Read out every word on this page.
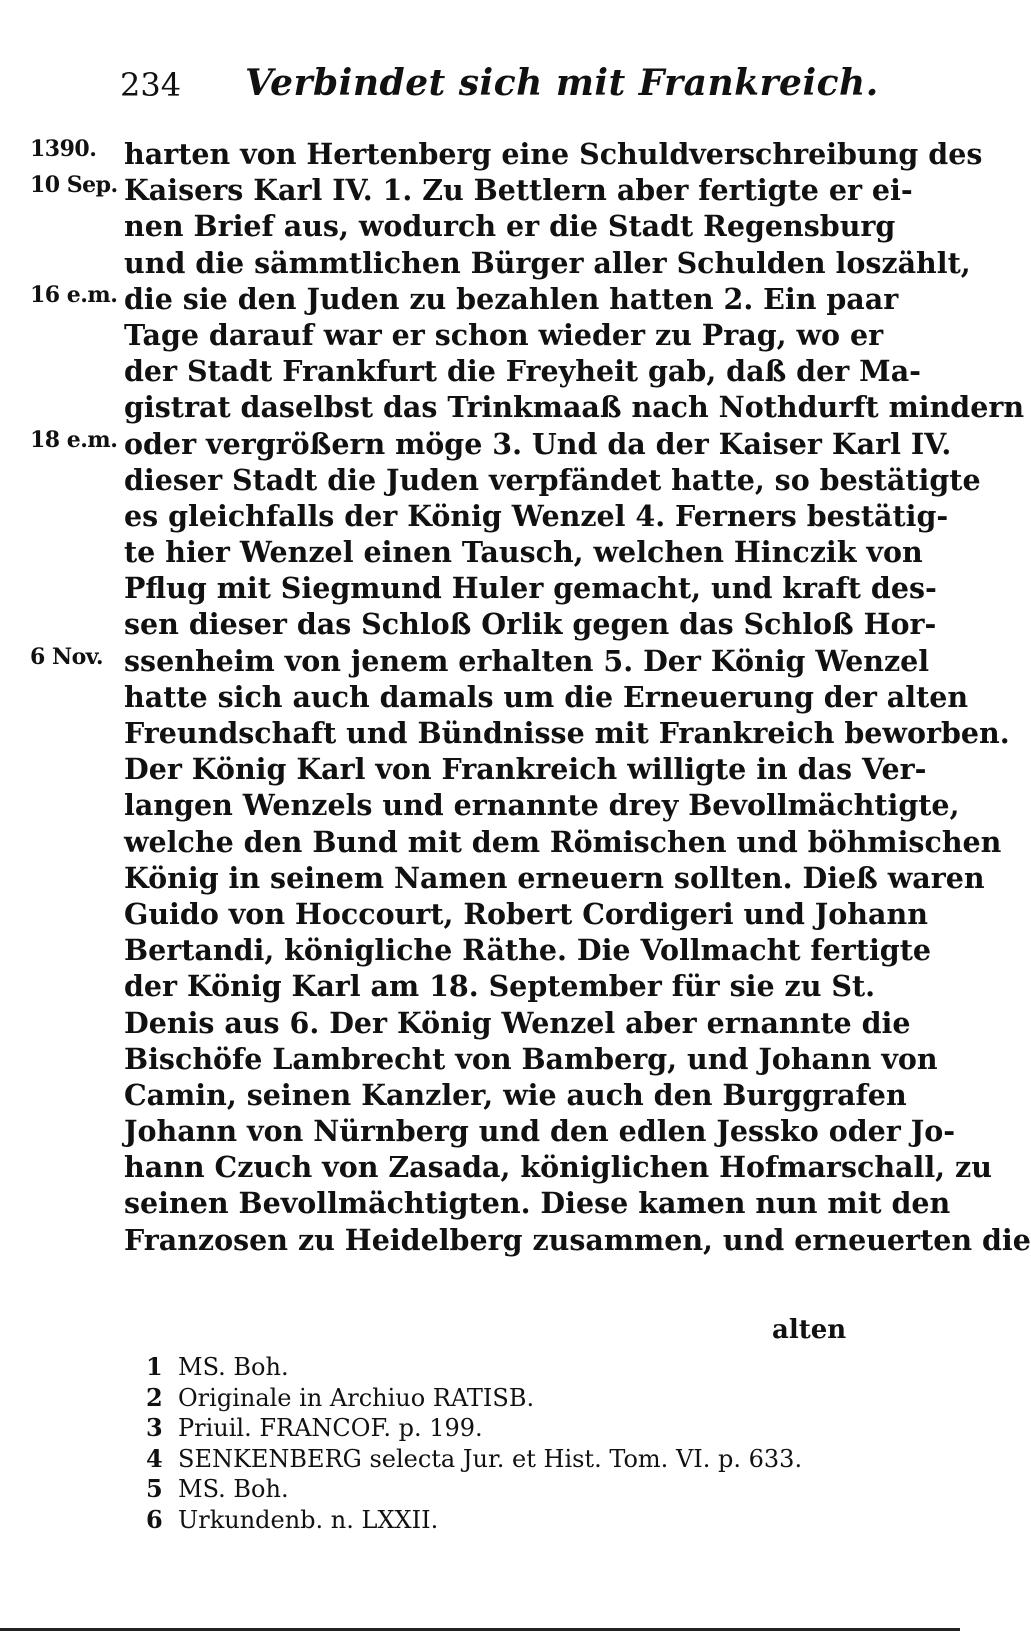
234 Verbindet sich mit Frankreich.
1390.
10 Sep.
16 e.m.
18 e.m.
6 Nov.
harten von Hertenberg eine Schuldverschreibung des
Kaisers Karl IV. 1. Zu Bettlern aber fertigte er ei-
nen Brief aus, wodurch er die Stadt Regensburg
und die sämmtlichen Bürger aller Schulden loszählt,
die sie den Juden zu bezahlen hatten 2. Ein paar
Tage darauf war er schon wieder zu Prag, wo er
der Stadt Frankfurt die Freyheit gab, daß der Ma-
gistrat daselbst das Trinkmaaß nach Nothdurft mindern
oder vergrößern möge 3. Und da der Kaiser Karl IV.
dieser Stadt die Juden verpfändet hatte, so bestätigte
es gleichfalls der König Wenzel 4. Ferners bestätig-
te hier Wenzel einen Tausch, welchen Hinczik von
Pflug mit Siegmund Huler gemacht, und kraft des-
sen dieser das Schloß Orlik gegen das Schloß Hor-
ssenheim von jenem erhalten 5. Der König Wenzel
hatte sich auch damals um die Erneuerung der alten
Freundschaft und Bündnisse mit Frankreich beworben.
Der König Karl von Frankreich willigte in das Ver-
langen Wenzels und ernannte drey Bevollmächtigte,
welche den Bund mit dem Römischen und böhmischen
König in seinem Namen erneuern sollten. Dieß waren
Guido von Hoccourt, Robert Cordigeri und Johann
Bertandi, königliche Räthe. Die Vollmacht fertigte
der König Karl am 18. September für sie zu St.
Denis aus 6. Der König Wenzel aber ernannte die
Bischöfe Lambrecht von Bamberg, und Johann von
Camin, seinen Kanzler, wie auch den Burggrafen
Johann von Nürnberg und den edlen Jessko oder Jo-
hann Czuch von Zasada, königlichen Hofmarschall, zu
seinen Bevollmächtigten. Diese kamen nun mit den
Franzosen zu Heidelberg zusammen, und erneuerten die
alten
1 MS. Boh.
2 Originale in Archiuo RATISB.
3 Priuil. FRANCOF. p. 199.
4 SENKENBERG selecta Jur. et Hist. Tom. VI. p. 633.
5 MS. Boh.
6 Urkundenb. n. LXXII.
